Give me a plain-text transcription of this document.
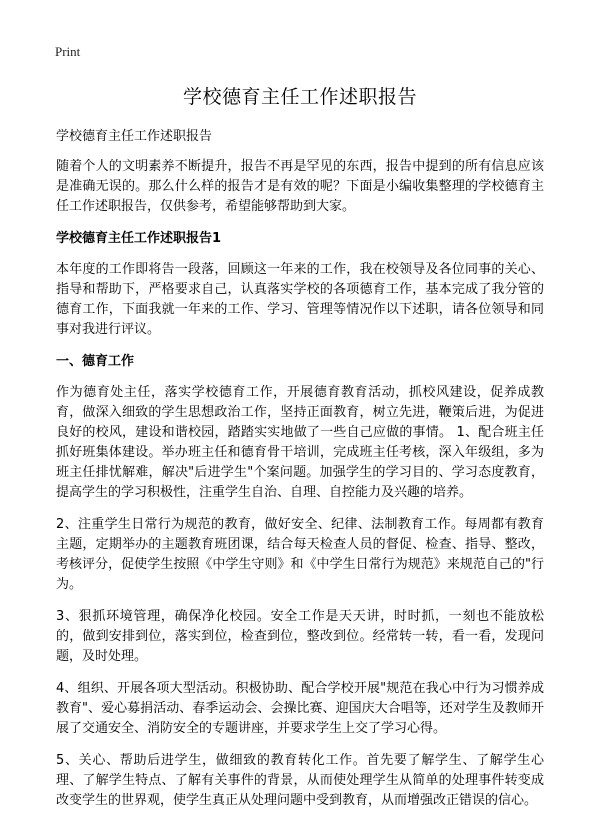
Print
学校德育主任工作述职报告

学校德育主任工作述职报告

随着个人的文明素养不断提升，报告不再是罕见的东西，报告中提到的所有信息应该是准确无误的。那么什么样的报告才是有效的呢？下面是小编收集整理的学校德育主任工作述职报告，仅供参考，希望能够帮助到大家。

学校德育主任工作述职报告1

本年度的工作即将告一段落，回顾这一年来的工作，我在校领导及各位同事的关心、指导和帮助下，严格要求自己，认真落实学校的各项德育工作，基本完成了我分管的德育工作，下面我就一年来的工作、学习、管理等情况作以下述职，请各位领导和同事对我进行评议。

一、德育工作

作为德育处主任，落实学校德育工作，开展德育教育活动，抓校风建设，促养成教育，做深入细致的学生思想政治工作，坚持正面教育，树立先进，鞭策后进，为促进良好的校风，建设和谐校园，踏踏实实地做了一些自己应做的事情。 1、配合班主任抓好班集体建设。举办班主任和德育骨干培训，完成班主任考核，深入年级组，多为班主任排忧解难，解决"后进学生"个案问题。加强学生的学习目的、学习态度教育，提高学生的学习积极性，注重学生自治、自理、自控能力及兴趣的培养。

2、注重学生日常行为规范的教育，做好安全、纪律、法制教育工作。每周都有教育主题，定期举办的主题教育班团课，结合每天检查人员的督促、检查、指导、整改，考核评分，促使学生按照《中学生守则》和《中学生日常行为规范》来规范自己的"行为。

3、狠抓环境管理，确保净化校园。安全工作是天天讲，时时抓，一刻也不能放松的，做到安排到位，落实到位，检查到位，整改到位。经常转一转，看一看，发现问题，及时处理。

4、组织、开展各项大型活动。积极协助、配合学校开展"规范在我心中行为习惯养成教育"、爱心募捐活动、春季运动会、会操比赛、迎国庆大合唱等，还对学生及教师开展了交通安全、消防安全的专题讲座，并要求学生上交了学习心得。

5、关心、帮助后进学生，做细致的教育转化工作。首先要了解学生、了解学生心理、了解学生特点、了解有关事件的背景，从而使处理学生从简单的处理事件转变成改变学生的世界观，使学生真正从处理问题中受到教育，从而增强改正错误的信心。
